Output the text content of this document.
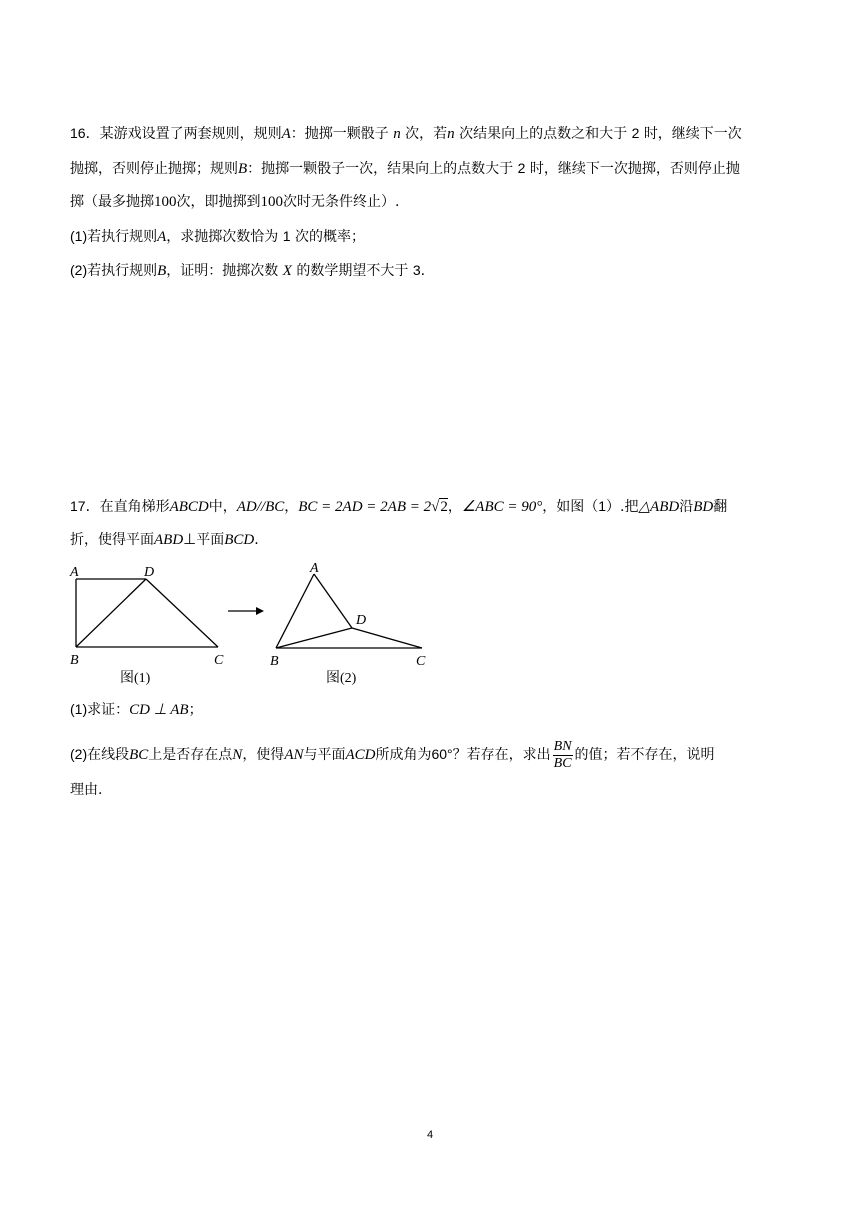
16．某游戏设置了两套规则，规则A：抛掷一颗骰子 n 次，若n 次结果向上的点数之和大于 2 时，继续下一次
抛掷，否则停止抛掷；规则B：抛掷一颗骰子一次，结果向上的点数大于 2 时，继续下一次抛掷，否则停止抛
掷（最多抛掷100次，即抛掷到100次时无条件终止）.
(1)若执行规则A，求抛掷次数恰为 1 次的概率；
(2)若执行规则B，证明：抛掷次数 X 的数学期望不大于 3.
17．在直角梯形ABCD中，AD//BC，BC = 2AD = 2AB = 2√2，∠ABC = 90°，如图（1）.把△ABD沿BD翻
折，使得平面ABD⊥平面BCD.
A	D
B	C
图(1)
A
D
B	C
图(2)
(1)求证：CD ⊥ AB；
(2)在线段BC上是否存在点N，使得AN与平面ACD所成角为60°？若存在，求出 $\frac{BN}{BC}$ 的值；若不存在，说明
理由.
4
